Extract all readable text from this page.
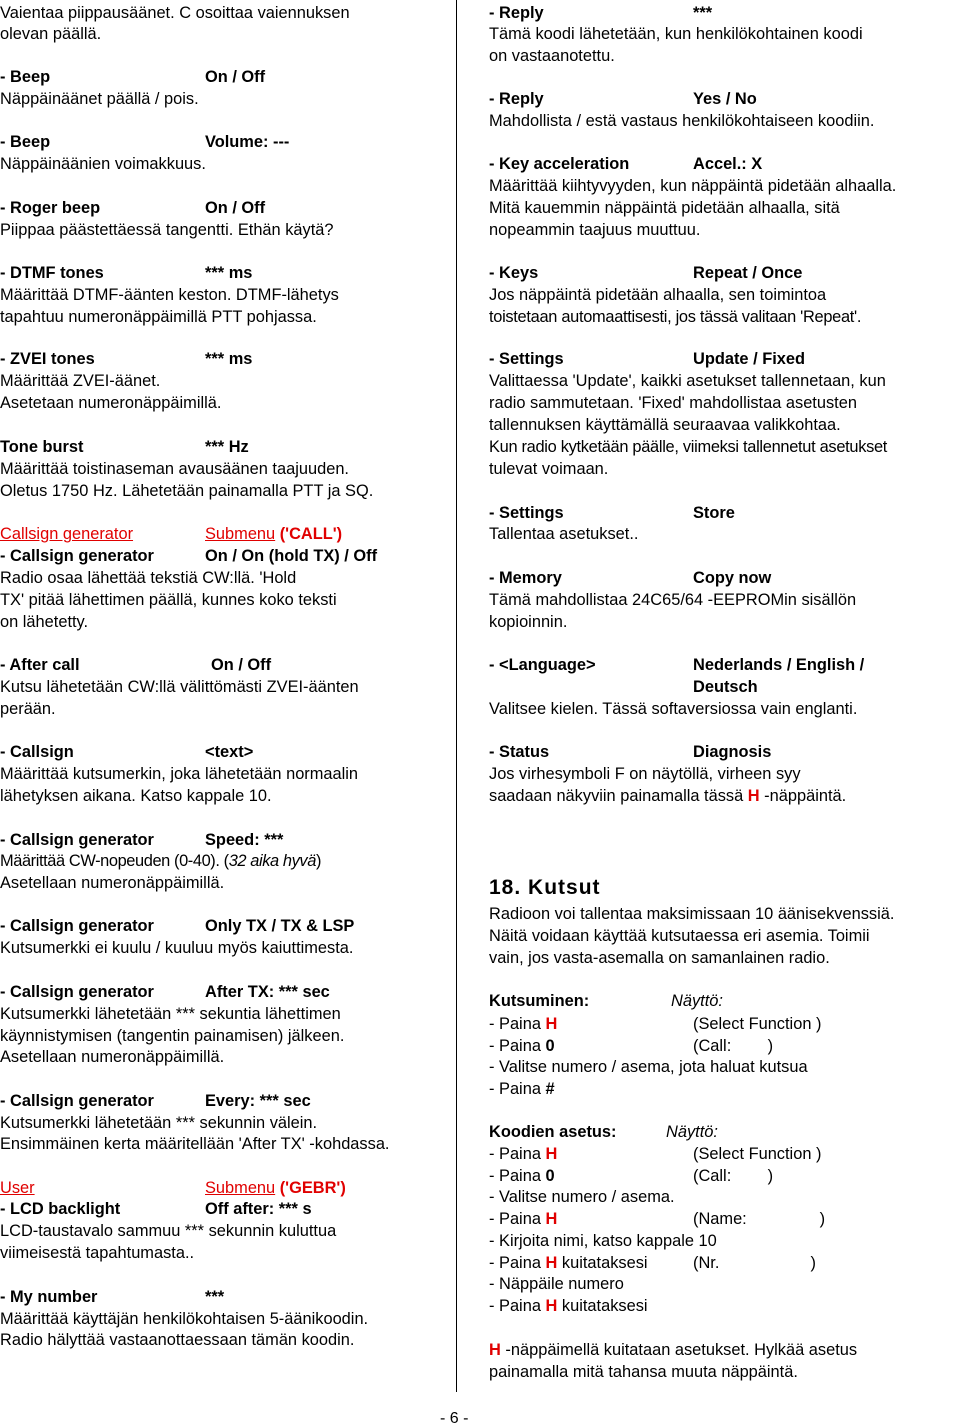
Vaientaa piippausäänet. C osoittaa vaiennuksen
olevan päällä.
- Beep	On / Off
Näppäinäänet päällä / pois.
- Beep	Volume: ---
Näppäinäänien voimakkuus.
- Roger beep	On / Off
Piippaa päästettäessä tangentti. Ethän käytä?
- DTMF tones	*** ms
Määrittää DTMF-äänten keston. DTMF-lähetys
tapahtuu numeronäppäimillä PTT pohjassa.
- ZVEI tones	*** ms
Määrittää ZVEI-äänet.
Asetetaan numeronäppäimillä.
Tone burst	*** Hz
Määrittää toistinaseman avausäänen taajuuden.
Oletus 1750 Hz. Lähetetään painamalla PTT ja SQ.
Callsign generator	Submenu ('CALL')
- Callsign generator	On / On (hold TX) / Off
Radio osaa lähettää tekstiä CW:llä. 'Hold
TX' pitää lähettimen päällä, kunnes koko teksti
on lähetetty.
- After call	On / Off
Kutsu lähetetään CW:llä välittömästi ZVEI-äänten
perään.
- Callsign	<text>
Määrittää kutsumerkin, joka lähetetään normaalin
lähetyksen aikana. Katso kappale 10.
- Callsign generator	Speed: ***
Määrittää CW-nopeuden (0-40). (32 aika hyvä)
Asetellaan numeronäppäimillä.
- Callsign generator	Only TX / TX & LSP
Kutsumerkki ei kuulu / kuuluu myös kaiuttimesta.
- Callsign generator	After TX: *** sec
Kutsumerkki lähetetään *** sekuntia lähettimen
käynnistymisen (tangentin painamisen) jälkeen.
Asetellaan numeronäppäimillä.
- Callsign generator	Every: *** sec
Kutsumerkki lähetetään *** sekunnin välein.
Ensimmäinen kerta määritellään 'After TX' -kohdassa.
User	Submenu ('GEBR')
- LCD backlight	Off after: *** s
LCD-taustavalo sammuu *** sekunnin kuluttua
viimeisestä tapahtumasta..
- My number	***
Määrittää käyttäjän henkilökohtaisen 5-äänikoodin.
Radio hälyttää vastaanottaessaan tämän koodin.
- Reply	***
Tämä koodi lähetetään, kun henkilökohtainen koodi
on vastaanotettu.
- Reply	Yes / No
Mahdollista / estä vastaus henkilökohtaiseen koodiin.
- Key acceleration	Accel.: X
Määrittää kiihtyvyyden, kun näppäintä pidetään alhaalla.
Mitä kauemmin näppäintä pidetään alhaalla, sitä
nopeammin taajuus muuttuu.
- Keys	Repeat / Once
Jos näppäintä pidetään alhaalla, sen toimintoa
toistetaan automaattisesti, jos tässä valitaan 'Repeat'.
- Settings	Update / Fixed
Valittaessa 'Update', kaikki asetukset tallennetaan, kun
radio sammutetaan. 'Fixed' mahdollistaa asetusten
tallennuksen käyttämällä seuraavaa valikkohtaa.
Kun radio kytketään päälle, viimeksi tallennetut asetukset
tulevat voimaan.
- Settings	Store
Tallentaa asetukset..
- Memory	Copy now
Tämä mahdollistaa 24C65/64 -EEPROMin sisällön
kopioinnin.
- <Language>	Nederlands / English /
Deutsch
Valitsee kielen. Tässä softaversiossa vain englanti.
- Status	Diagnosis
Jos virhesymboli F on näytöllä, virheen syy
saadaan näkyviin painamalla tässä H -näppäintä.
18. Kutsut
Radioon voi tallentaa maksimissaan 10 äänisekvenssiä.
Näitä voidaan käyttää kutsutaessa eri asemia. Toimii
vain, jos vasta-asemalla on samanlainen radio.
Kutsuminen:	Näyttö:
- Paina H	(Select Function )
- Paina 0	(Call:        )
- Valitse numero / asema, jota haluat kutsua
- Paina #
Koodien asetus:	Näyttö:
- Paina H	(Select Function )
- Paina 0	(Call:        )
- Valitse numero / asema.
- Paina H	(Name:                )
- Kirjoita nimi, katso kappale 10
- Paina H kuitataksesi	(Nr.                    )
- Näppäile numero
- Paina H kuitataksesi
H -näppäimellä kuitataan asetukset. Hylkää asetus
painamalla mitä tahansa muuta näppäintä.
- 6 -
